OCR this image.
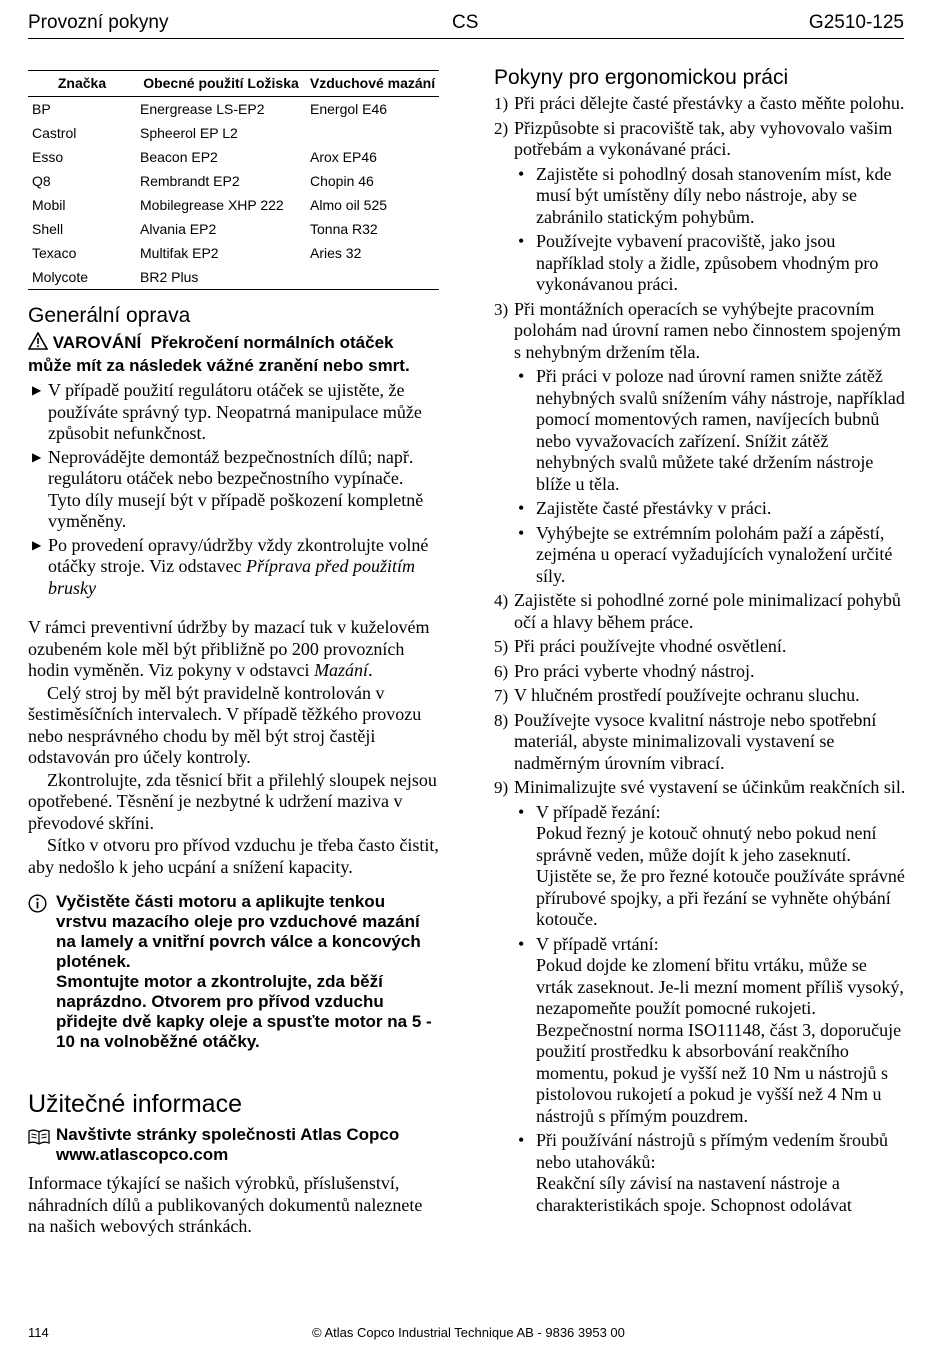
Provozní pokyny	CS	G2510-125
Značka	Obecné použití Ložiska	Vzduchové mazání
BP	Energrease LS-EP2	Energol E46
Castrol	Spheerol EP L2	
Esso	Beacon EP2	Arox EP46
Q8	Rembrandt EP2	Chopin 46
Mobil	Mobilegrease XHP 222	Almo oil 525
Shell	Alvania EP2	Tonna R32
Texaco	Multifak EP2	Aries 32
Molycote	BR2 Plus	
Generální oprava
VAROVÁNÍ Překročení normálních otáček může mít za následek vážné zranění nebo smrt.
▶ V případě použití regulátoru otáček se ujistěte, že používáte správný typ. Neopatrná manipulace může způsobit nefunkčnost.
▶ Neprovádějte demontáž bezpečnostních dílů; např. regulátoru otáček nebo bezpečnostního vypínače. Tyto díly musejí být v případě poškození kompletně vyměněny.
▶ Po provedení opravy/údržby vždy zkontrolujte volné otáčky stroje. Viz odstavec Příprava před použitím brusky
V rámci preventivní údržby by mazací tuk v kuželovém ozubeném kole měl být přibližně po 200 provozních hodin vyměněn. Viz pokyny v odstavci Mazání.
Celý stroj by měl být pravidelně kontrolován v šestiměsíčních intervalech. V případě těžkého provozu nebo nesprávného chodu by měl být stroj častěji odstavován pro účely kontroly.
Zkontrolujte, zda těsnicí břit a přilehlý sloupek nejsou opotřebené. Těsnění je nezbytné k udržení maziva v převodové skříni.
Sítko v otvoru pro přívod vzduchu je třeba často čistit, aby nedošlo k jeho ucpání a snížení kapacity.
Vyčistěte části motoru a aplikujte tenkou vrstvu mazacího oleje pro vzduchové mazání na lamely a vnitřní povrch válce a koncových plotének.
Smontujte motor a zkontrolujte, zda běží naprázdno. Otvorem pro přívod vzduchu přidejte dvě kapky oleje a spusťte motor na 5 - 10 na volnoběžné otáčky.
Užitečné informace
Navštivte stránky společnosti Atlas Copco
www.atlascopco.com
Informace týkající se našich výrobků, příslušenství, náhradních dílů a publikovaných dokumentů naleznete na našich webových stránkách.
Pokyny pro ergonomickou práci
1) Při práci dělejte časté přestávky a často měňte polohu.
2) Přizpůsobte si pracoviště tak, aby vyhovovalo vašim potřebám a vykonávané práci.
• Zajistěte si pohodlný dosah stanovením míst, kde musí být umístěny díly nebo nástroje, aby se zabránilo statickým pohybům.
• Používejte vybavení pracoviště, jako jsou například stoly a židle, způsobem vhodným pro vykonávanou práci.
3) Při montážních operacích se vyhýbejte pracovním polohám nad úrovní ramen nebo činnostem spojeným s nehybným držením těla.
• Při práci v poloze nad úrovní ramen snižte zátěž nehybných svalů snížením váhy nástroje, například pomocí momentových ramen, navíjecích bubnů nebo vyvažovacích zařízení. Snížit zátěž nehybných svalů můžete také držením nástroje blíže u těla.
• Zajistěte časté přestávky v práci.
• Vyhýbejte se extrémním polohám paží a zápěstí, zejména u operací vyžadujících vynaložení určité síly.
4) Zajistěte si pohodlné zorné pole minimalizací pohybů očí a hlavy během práce.
5) Při práci používejte vhodné osvětlení.
6) Pro práci vyberte vhodný nástroj.
7) V hlučném prostředí používejte ochranu sluchu.
8) Používejte vysoce kvalitní nástroje nebo spotřební materiál, abyste minimalizovali vystavení se nadměrným úrovním vibrací.
9) Minimalizujte své vystavení se účinkům reakčních sil.
• V případě řezání:
Pokud řezný je kotouč ohnutý nebo pokud není správně veden, může dojít k jeho zaseknutí. Ujistěte se, že pro řezné kotouče používáte správné přírubové spojky, a při řezání se vyhněte ohýbání kotouče.
• V případě vrtání:
Pokud dojde ke zlomení břitu vrtáku, může se vrták zaseknout. Je-li mezní moment příliš vysoký, nezapomeňte použít pomocné rukojeti. Bezpečnostní norma ISO11148, část 3, doporučuje použití prostředku k absorbování reakčního momentu, pokud je vyšší než 10 Nm u nástrojů s pistolovou rukojetí a pokud je vyšší než 4 Nm u nástrojů s přímým pouzdrem.
• Při používání nástrojů s přímým vedením šroubů nebo utahováků:
Reakční síly závisí na nastavení nástroje a charakteristikách spoje. Schopnost odolávat
114	© Atlas Copco Industrial Technique AB - 9836 3953 00
